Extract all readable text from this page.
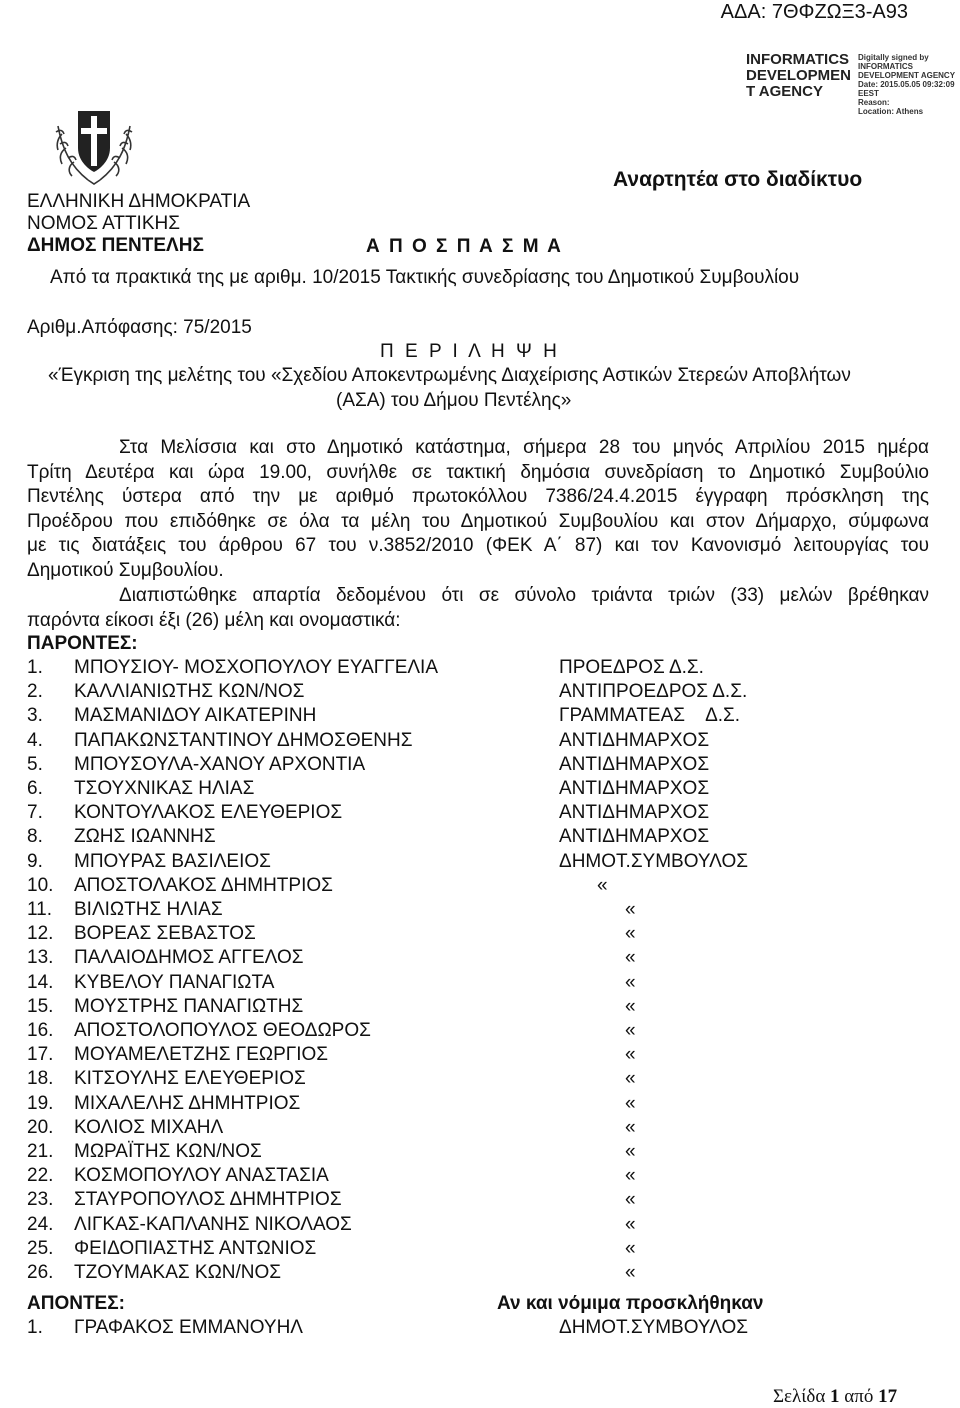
ΑΔΑ: 7ΘΦΖΩΞ3-Α93
INFORMATICS
DEVELOPMEN
T AGENCY
Digitally signed by
INFORMATICS
DEVELOPMENT AGENCY
Date: 2015.05.05 09:32:09
EEST
Reason:
Location: Athens
Αναρτητέα στο διαδίκτυο
ΕΛΛΗΝΙΚΗ ΔΗΜΟΚΡΑΤΙΑ
ΝΟΜΟΣ ΑΤΤΙΚΗΣ
ΔΗΜΟΣ ΠΕΝΤΕΛΗΣ	Α Π Ο Σ Π Α Σ Μ Α
Από τα πρακτικά της με αριθμ. 10/2015 Τακτικής συνεδρίασης του Δημοτικού Συμβουλίου
Αριθμ.Απόφασης: 75/2015
Π Ε Ρ Ι Λ Η Ψ Η
«Έγκριση της μελέτης του «Σχεδίου Αποκεντρωμένης Διαχείρισης Αστικών Στερεών Αποβλήτων
(ΑΣΑ) του Δήμου Πεντέλης»
Στα Μελίσσια και στο Δημοτικό κατάστημα, σήμερα 28 του μηνός Απριλίου 2015 ημέρα
Τρίτη Δευτέρα και ώρα 19.00, συνήλθε σε τακτική δημόσια συνεδρίαση το Δημοτικό Συμβούλιο
Πεντέλης ύστερα από την με αριθμό πρωτοκόλλου 7386/24.4.2015 έγγραφη πρόσκληση της
Προέδρου που επιδόθηκε σε όλα τα μέλη του Δημοτικού Συμβουλίου και στον Δήμαρχο, σύμφωνα
με τις διατάξεις του άρθρου 67 του ν.3852/2010 (ΦΕΚ Α΄ 87) και τον Κανονισμό λειτουργίας του
Δημοτικού Συμβουλίου.
Διαπιστώθηκε απαρτία δεδομένου ότι σε σύνολο τριάντα τριών (33) μελών βρέθηκαν
παρόντα είκοσι έξι (26) μέλη και ονομαστικά:
ΠΑΡΟΝΤΕΣ:
1. ΜΠΟΥΣΙΟΥ- ΜΟΣΧΟΠΟΥΛΟΥ ΕΥΑΓΓΕΛΙΑ	ΠΡΟΕΔΡΟΣ Δ.Σ.
2. ΚΑΛΛΙΑΝΙΩΤΗΣ ΚΩΝ/ΝΟΣ	ΑΝΤΙΠΡΟΕΔΡΟΣ Δ.Σ.
3. ΜΑΣΜΑΝΙΔΟΥ ΑΙΚΑΤΕΡΙΝΗ	ΓΡΑΜΜΑΤΕΑΣ    Δ.Σ.
4. ΠΑΠΑΚΩΝΣΤΑΝΤΙΝΟΥ ΔΗΜΟΣΘΕΝΗΣ	ΑΝΤΙΔΗΜΑΡΧΟΣ
5. ΜΠΟΥΣΟΥΛΑ-ΧΑΝΟΥ ΑΡΧΟΝΤΙΑ	ΑΝΤΙΔΗΜΑΡΧΟΣ
6. ΤΣΟΥΧΝΙΚΑΣ ΗΛΙΑΣ	ΑΝΤΙΔΗΜΑΡΧΟΣ
7. ΚΟΝΤΟΥΛΑΚΟΣ ΕΛΕΥΘΕΡΙΟΣ	ΑΝΤΙΔΗΜΑΡΧΟΣ
8. ΖΩΗΣ ΙΩΑΝΝΗΣ	ΑΝΤΙΔΗΜΑΡΧΟΣ
9. ΜΠΟΥΡΑΣ ΒΑΣΙΛΕΙΟΣ	ΔΗΜΟΤ.ΣΥΜΒΟΥΛΟΣ
10. ΑΠΟΣΤΟΛΑΚΟΣ ΔΗΜΗΤΡΙΟΣ	«
11. ΒΙΛΙΩΤΗΣ ΗΛΙΑΣ	«
12. ΒΟΡΕΑΣ ΣΕΒΑΣΤΟΣ	«
13. ΠΑΛΑΙΟΔΗΜΟΣ ΑΓΓΕΛΟΣ	«
14. ΚΥΒΕΛΟΥ ΠΑΝΑΓΙΩΤΑ	«
15. ΜΟΥΣΤΡΗΣ ΠΑΝΑΓΙΩΤΗΣ	«
16. ΑΠΟΣΤΟΛΟΠΟΥΛΟΣ ΘΕΟΔΩΡΟΣ	«
17. ΜΟΥΑΜΕΛΕΤΖΗΣ ΓΕΩΡΓΙΟΣ	«
18. ΚΙΤΣΟΥΛΗΣ ΕΛΕΥΘΕΡΙΟΣ	«
19. ΜΙΧΑΛΕΛΗΣ ΔΗΜΗΤΡΙΟΣ	«
20. ΚΟΛΙΟΣ ΜΙΧΑΗΛ	«
21. ΜΩΡΑΪΤΗΣ ΚΩΝ/ΝΟΣ	«
22. ΚΟΣΜΟΠΟΥΛΟΥ ΑΝΑΣΤΑΣΙΑ	«
23. ΣΤΑΥΡΟΠΟΥΛΟΣ ΔΗΜΗΤΡΙΟΣ	«
24. ΛΙΓΚΑΣ-ΚΑΠΛΑΝΗΣ ΝΙΚΟΛΑΟΣ	«
25. ΦΕΙΔΟΠΙΑΣΤΗΣ ΑΝΤΩΝΙΟΣ	«
26. ΤΖΟΥΜΑΚΑΣ ΚΩΝ/ΝΟΣ	«
ΑΠΟΝΤΕΣ:	Αν και νόμιμα προσκλήθηκαν
1. ΓΡΑΦΑΚΟΣ ΕΜΜΑΝΟΥΗΛ	ΔΗΜΟΤ.ΣΥΜΒΟΥΛΟΣ
Σελίδα 1 από 17
